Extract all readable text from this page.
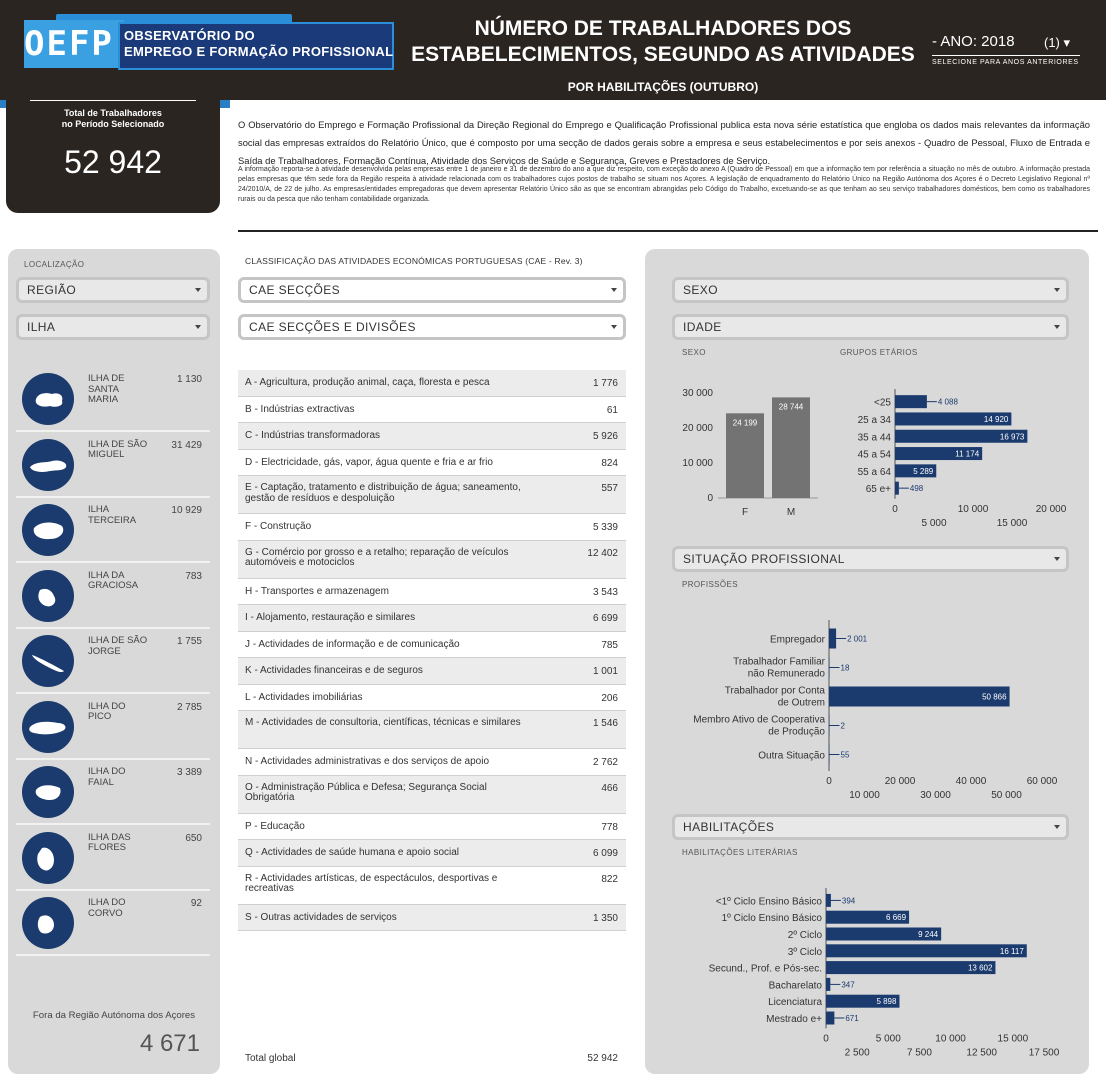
OEFP OBSERVATÓRIO DO
EMPREGO E FORMAÇÃO PROFISSIONAL
NÚMERO DE TRABALHADORES DOS
ESTABELECIMENTOS, SEGUNDO AS ATIVIDADES
POR HABILITAÇÕES (OUTUBRO)
- ANO: 2018 (1) ▾
SELECIONE PARA ANOS ANTERIORES
Total de Trabalhadores
no Período Selecionado
52 942
O Observatório do Emprego e Formação Profissional da Direção Regional do Emprego e Qualificação Profissional publica esta nova série estatística que engloba os dados mais relevantes da informação social das empresas extraídos do Relatório Único, que é composto por uma secção de dados gerais sobre a empresa e seus estabelecimentos e por seis anexos - Quadro de Pessoal, Fluxo de Entrada e Saída de Trabalhadores, Formação Contínua, Atividade dos Serviços de Saúde e Segurança, Greves e Prestadores de Serviço.
A informação reporta-se à atividade desenvolvida pelas empresas entre 1 de janeiro e 31 de dezembro do ano a que diz respeito, com exceção do anexo A (Quadro de Pessoal) em que a informação tem por referência a situação no mês de outubro. A informação prestada pelas empresas que têm sede fora da Região respeita à atividade relacionada com os trabalhadores cujos postos de trabalho se situam nos Açores. A legislação de enquadramento do Relatório Único na Região Autónoma dos Açores é o Decreto Legislativo Regional nº 24/2010/A, de 22 de julho. As empresas/entidades empregadoras que devem apresentar Relatório Único são as que se encontram abrangidas pelo Código do Trabalho, excetuando-se as que tenham ao seu serviço trabalhadores domésticos, bem como os trabalhadores rurais ou da pesca que não tenham contabilidade organizada.
LOCALIZAÇÃO
REGIÃO
ILHA
ILHA DE SANTA MARIA
1 130
ILHA DE SÃO MIGUEL
31 429
ILHA TERCEIRA
10 929
ILHA DA GRACIOSA
783
ILHA DE SÃO JORGE
1 755
ILHA DO PICO
2 785
ILHA DO FAIAL
3 389
ILHA DAS FLORES
650
ILHA DO CORVO
92
Fora da Região Autónoma dos Açores
4 671
CLASSIFICAÇÃO DAS ATIVIDADES ECONÓMICAS PORTUGUESAS (CAE - Rev. 3)
CAE SECÇÕES
CAE SECÇÕES E DIVISÕES
A - Agricultura, produção animal, caça, floresta e pesca	1 776
B - Indústrias extractivas	61
C - Indústrias transformadoras	5 926
D - Electricidade, gás, vapor, água quente e fria e ar frio	824
E - Captação, tratamento e distribuição de água; saneamento, gestão de resíduos e despoluição
557
F - Construção	5 339
G - Comércio por grosso e a retalho; reparação de veículos automóveis e motociclos
12 402
H - Transportes e armazenagem	3 543
I - Alojamento, restauração e similares	6 699
J - Actividades de informação e de comunicação	785
K - Actividades financeiras e de seguros	1 001
L - Actividades imobiliárias	206
M - Actividades de consultoria, científicas, técnicas e similares	1 546
N - Actividades administrativas e dos serviços de apoio	2 762
O - Administração Pública e Defesa; Segurança Social Obrigatória
466
P - Educação	778
Q - Actividades de saúde humana e apoio social	6 099
R - Actividades artísticas, de espectáculos, desportivas e recreativas
822
S - Outras actividades de serviços	1 350
Total global	52 942
SEXO
IDADE
SEXO	GRUPOS ETÁRIOS
0
10 000
20 000
30 000
24 199
F
28 744
M
4 088
<25
14 920
25 a 34
16 973
35 a 44
11 174
45 a 54
5 289
55 a 64
498
65 e+
0	10 000	20 000
5 000	15 000
SITUAÇÃO PROFISSIONAL
PROFISSÕES
2 001
Empregador
18
Trabalhador Familiar
não Remunerado
50 866
Trabalhador por Conta
de Outrem
2
Membro Ativo de Cooperativa
de Produção
55
Outra Situação
0	20 000	40 000	60 000
10 000	30 000	50 000
HABILITAÇÕES
HABILITAÇÕES LITERÁRIAS
394
<1º Ciclo Ensino Básico
6 669
1º Ciclo Ensino Básico
9 244
2º Ciclo
16 117
3º Ciclo
13 602
Secund., Prof. e Pós-sec.
347
Bacharelato
5 898
Licenciatura
671
Mestrado e+
0	5 000	10 000	15 000
2 500	7 500	12 500	17 500
